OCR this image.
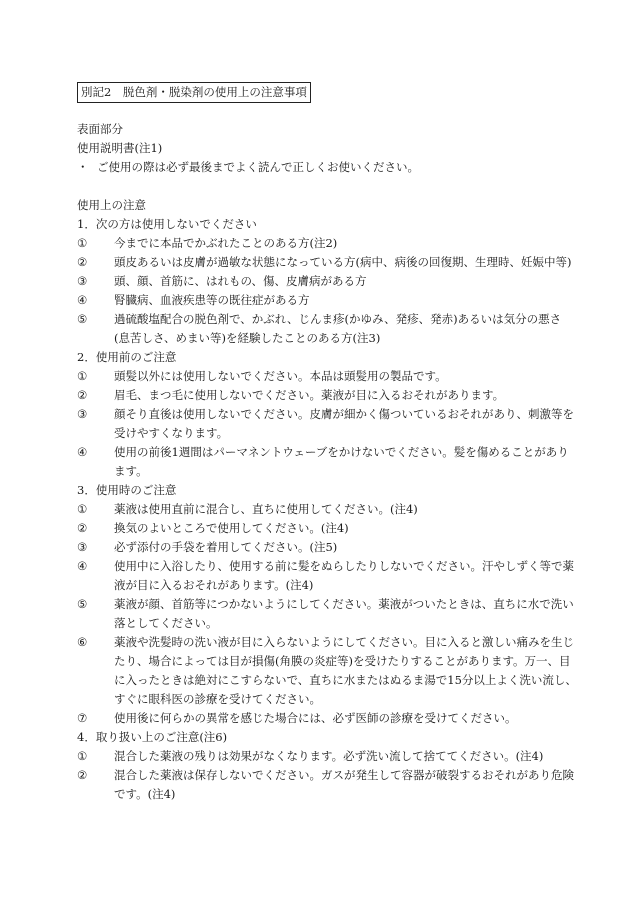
別記2　脱色剤・脱染剤の使用上の注意事項
表面部分
使用説明書(注1)
・ ご使用の際は必ず最後までよく読んで正しくお使いください。
使用上の注意
1．次の方は使用しないでください
①	今までに本品でかぶれたことのある方(注2)
②	頭皮あるいは皮膚が過敏な状態になっている方(病中、病後の回復期、生理時、妊娠中等)
③	頭、顔、首筋に、はれもの、傷、皮膚病がある方
④	腎臓病、血液疾患等の既往症がある方
⑤	過硫酸塩配合の脱色剤で、かぶれ、じんま疹(かゆみ、発疹、発赤)あるいは気分の悪さ(息苦しさ、めまい等)を経験したことのある方(注3)
2．使用前のご注意
①	頭髪以外には使用しないでください。本品は頭髪用の製品です。
②	眉毛、まつ毛に使用しないでください。薬液が目に入るおそれがあります。
③	顔そり直後は使用しないでください。皮膚が細かく傷ついているおそれがあり、刺激等を受けやすくなります。
④	使用の前後1週間はパーマネントウェーブをかけないでください。髪を傷めることがあります。
3．使用時のご注意
①	薬液は使用直前に混合し、直ちに使用してください。(注4)
②	換気のよいところで使用してください。(注4)
③	必ず添付の手袋を着用してください。(注5)
④	使用中に入浴したり、使用する前に髪をぬらしたりしないでください。汗やしずく等で薬液が目に入るおそれがあります。(注4)
⑤	薬液が顔、首筋等につかないようにしてください。薬液がついたときは、直ちに水で洗い落としてください。
⑥	薬液や洗髪時の洗い液が目に入らないようにしてください。目に入ると激しい痛みを生じたり、場合によっては目が損傷(角膜の炎症等)を受けたりすることがあります。万一、目に入ったときは絶対にこすらないで、直ちに水またはぬるま湯で15分以上よく洗い流し、すぐに眼科医の診療を受けてください。
⑦	使用後に何らかの異常を感じた場合には、必ず医師の診療を受けてください。
4．取り扱い上のご注意(注6)
①	混合した薬液の残りは効果がなくなります。必ず洗い流して捨ててください。(注4)
②	混合した薬液は保存しないでください。ガスが発生して容器が破裂するおそれがあり危険です。(注4)
